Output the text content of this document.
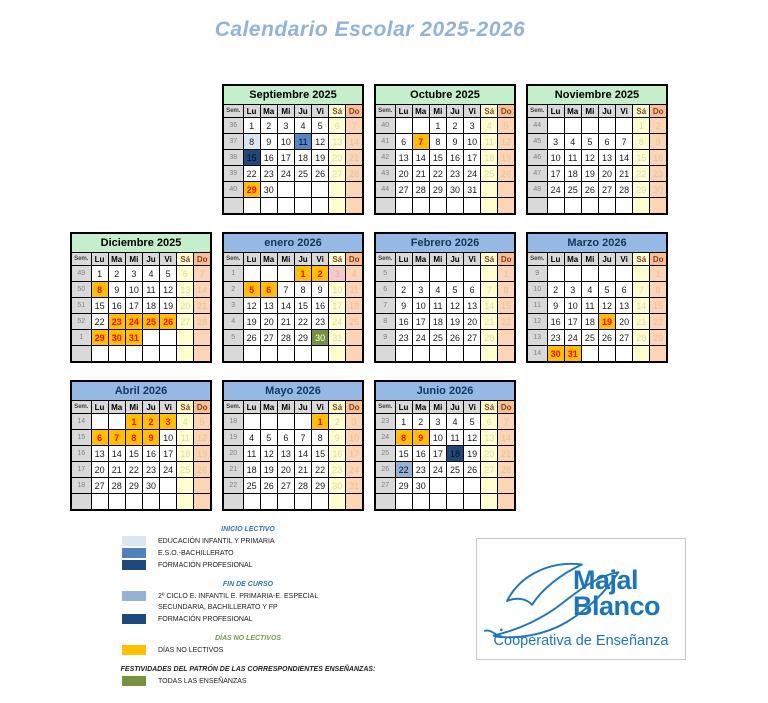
Calendario Escolar 2025-2026
Septiembre 2025							
Sem.	Lu	Ma	Mi	Ju	Vi	Sá	Do
36	1	2	3	4	5	6	7
37	8	9	10	11	12	13	14
38	15	16	17	18	19	20	21
39	22	23	24	25	26	27	28
40	29	30					

Octubre 2025							
Sem.	Lu	Ma	Mi	Ju	Vi	Sá	Do
40			1	2	3	4	5
41	6	7	8	9	10	11	12
42	13	14	15	16	17	18	19
43	20	21	22	23	24	25	26
44	27	28	29	30	31		

Noviembre 2025							
Sem.	Lu	Ma	Mi	Ju	Vi	Sá	Do
44						1	2
45	3	4	5	6	7	8	9
46	10	11	12	13	14	15	16
47	17	18	19	20	21	22	23
48	24	25	26	27	28	29	30

Diciembre 2025							
Sem.	Lu	Ma	Mi	Ju	Vi	Sá	Do
49	1	2	3	4	5	6	7
50	8	9	10	11	12	13	14
51	15	16	17	18	19	20	21
52	22	23	24	25	26	27	28
1	29	30	31				

enero 2026							
Sem.	Lu	Ma	Mi	Ju	Vi	Sá	Do
1				1	2	3	4
2	5	6	7	8	9	10	11
3	12	13	14	15	16	17	18
4	19	20	21	22	23	24	25
5	26	27	28	29	30	31	

Febrero 2026							
Sem.	Lu	Ma	Mi	Ju	Vi	Sá	Do
5							1
6	2	3	4	5	6	7	8
7	9	10	11	12	13	14	15
8	16	17	18	19	20	21	22
9	23	24	25	26	27	28	

Marzo 2026							
Sem.	Lu	Ma	Mi	Ju	Vi	Sá	Do
9							1
10	2	3	4	5	6	7	8
11	9	10	11	12	13	14	15
12	16	17	18	19	20	21	22
13	23	24	25	26	27	28	29
14	30	31					
Abril 2026							
Sem.	Lu	Ma	Mi	Ju	Vi	Sá	Do
14			1	2	3	4	5
15	6	7	8	9	10	11	12
16	13	14	15	16	17	18	19
17	20	21	22	23	24	25	26
18	27	28	29	30			

Mayo 2026							
Sem.	Lu	Ma	Mi	Ju	Vi	Sá	Do
18					1	2	3
19	4	5	6	7	8	9	10
20	11	12	13	14	15	16	17
21	18	19	20	21	22	23	24
22	25	26	27	28	29	30	31

Junio 2026							
Sem.	Lu	Ma	Mi	Ju	Vi	Sá	Do
23	1	2	3	4	5	6	7
24	8	9	10	11	12	13	14
25	15	16	17	18	19	20	21
26	22	23	24	25	26	27	28
27	29	30					

INICIO LECTIVO
EDUCACIÓN INFANTIL Y PRIMARIA
E.S.O.-BACHILLERATO
FORMACIÓN PROFESIONAL
FIN DE CURSO
2º CICLO E. INFANTIL E. PRIMARIA-E. ESPECIAL
SECUNDARIA, BACHILLERATO Y FP
FORMACIÓN PROFESIONAL
DÍAS NO LECTIVOS
DÍAS NO LECTIVOS
FESTIVIDADES DEL PATRÓN DE LAS CORRESPONDIENTES ENSEÑANZAS:
TODAS LAS ENSEÑANZAS
Majal
Blanco
Cooperativa de Enseñanza
